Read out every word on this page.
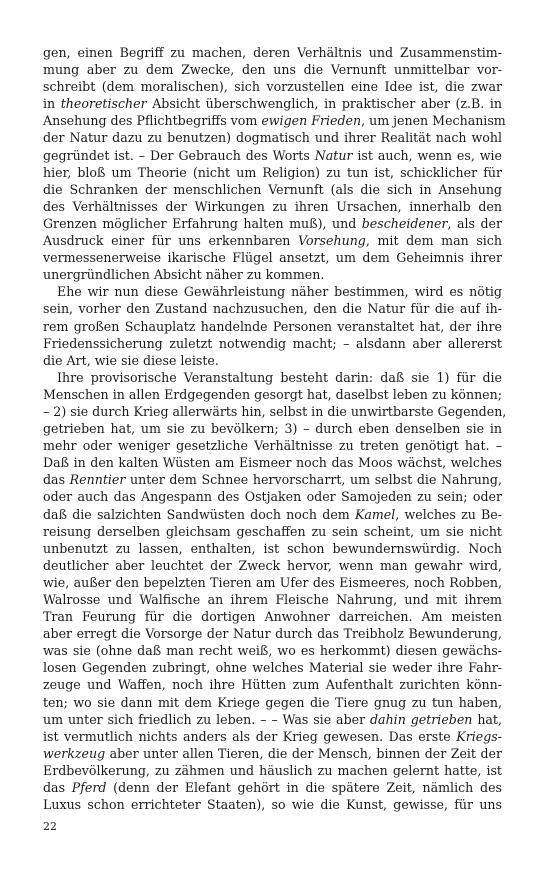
gen, einen Begriff zu machen, deren Verhältnis und Zusammenstim-
mung aber zu dem Zwecke, den uns die Vernunft unmittelbar vor-
schreibt (dem moralischen), sich vorzustellen eine Idee ist, die zwar
in theoretischer Absicht überschwenglich, in praktischer aber (z.B. in
Ansehung des Pflichtbegriffs vom ewigen Frieden, um jenen Mechanism
der Natur dazu zu benutzen) dogmatisch und ihrer Realität nach wohl
gegründet ist. – Der Gebrauch des Worts Natur ist auch, wenn es, wie
hier, bloß um Theorie (nicht um Religion) zu tun ist, schicklicher für
die Schranken der menschlichen Vernunft (als die sich in Ansehung
des Verhältnisses der Wirkungen zu ihren Ursachen, innerhalb den
Grenzen möglicher Erfahrung halten muß), und bescheidener, als der
Ausdruck einer für uns erkennbaren Vorsehung, mit dem man sich
vermessenerweise ikarische Flügel ansetzt, um dem Geheimnis ihrer
unergründlichen Absicht näher zu kommen.
Ehe wir nun diese Gewährleistung näher bestimmen, wird es nötig
sein, vorher den Zustand nachzusuchen, den die Natur für die auf ih-
rem großen Schauplatz handelnde Personen veranstaltet hat, der ihre
Friedenssicherung zuletzt notwendig macht; – alsdann aber allererst
die Art, wie sie diese leiste.
Ihre provisorische Veranstaltung besteht darin: daß sie 1) für die
Menschen in allen Erdgegenden gesorgt hat, daselbst leben zu können;
– 2) sie durch Krieg allerwärts hin, selbst in die unwirtbarste Gegenden,
getrieben hat, um sie zu bevölkern; 3) – durch eben denselben sie in
mehr oder weniger gesetzliche Verhältnisse zu treten genötigt hat. –
Daß in den kalten Wüsten am Eismeer noch das Moos wächst, welches
das Renntier unter dem Schnee hervorscharrt, um selbst die Nahrung,
oder auch das Angespann des Ostjaken oder Samojeden zu sein; oder
daß die salzichten Sandwüsten doch noch dem Kamel, welches zu Be-
reisung derselben gleichsam geschaffen zu sein scheint, um sie nicht
unbenutzt zu lassen, enthalten, ist schon bewundernswürdig. Noch
deutlicher aber leuchtet der Zweck hervor, wenn man gewahr wird,
wie, außer den bepelzten Tieren am Ufer des Eismeeres, noch Robben,
Walrosse und Walfische an ihrem Fleische Nahrung, und mit ihrem
Tran Feurung für die dortigen Anwohner darreichen. Am meisten
aber erregt die Vorsorge der Natur durch das Treibholz Bewunderung,
was sie (ohne daß man recht weiß, wo es herkommt) diesen gewächs-
losen Gegenden zubringt, ohne welches Material sie weder ihre Fahr-
zeuge und Waffen, noch ihre Hütten zum Aufenthalt zurichten könn-
ten; wo sie dann mit dem Kriege gegen die Tiere gnug zu tun haben,
um unter sich friedlich zu leben. – – Was sie aber dahin getrieben hat,
ist vermutlich nichts anders als der Krieg gewesen. Das erste Kriegs-
werkzeug aber unter allen Tieren, die der Mensch, binnen der Zeit der
Erdbevölkerung, zu zähmen und häuslich zu machen gelernt hatte, ist
das Pferd (denn der Elefant gehört in die spätere Zeit, nämlich des
Luxus schon errichteter Staaten), so wie die Kunst, gewisse, für uns
22
